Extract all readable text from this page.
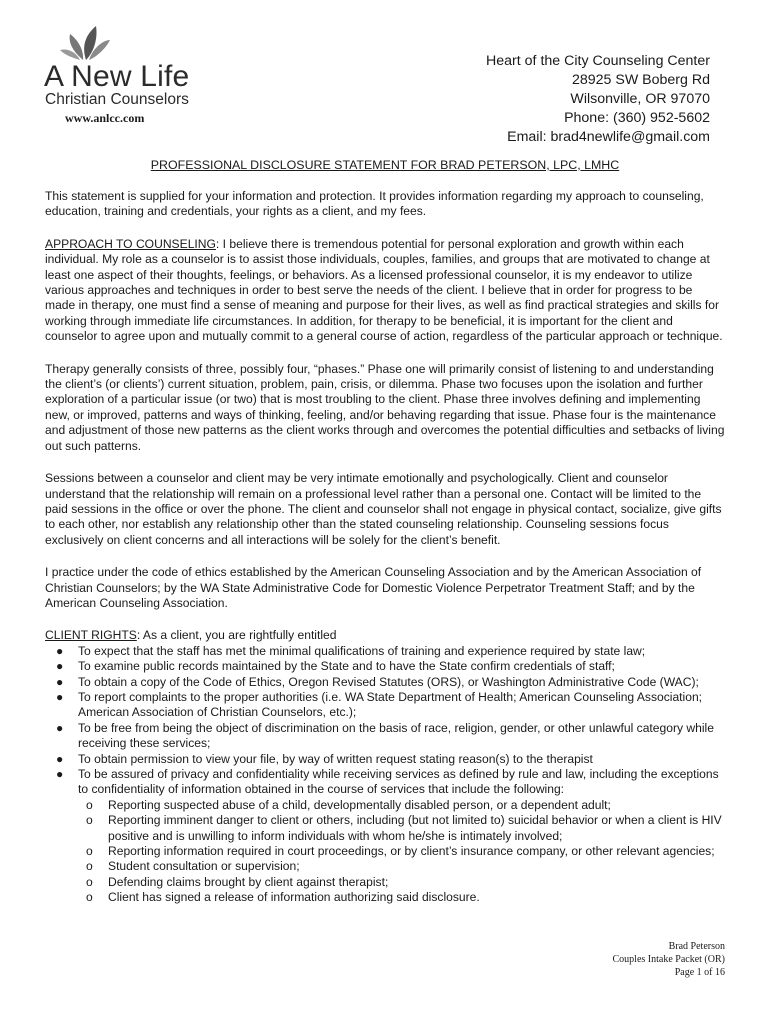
A New Life
Christian Counselors
www.anlcc.com
Heart of the City Counseling Center
28925 SW Boberg Rd
Wilsonville, OR 97070
Phone: (360) 952-5602
Email: brad4newlife@gmail.com
PROFESSIONAL DISCLOSURE STATEMENT FOR BRAD PETERSON, LPC, LMHC

This statement is supplied for your information and protection. It provides information regarding my approach to counseling, education, training and credentials, your rights as a client, and my fees.

APPROACH TO COUNSELING: I believe there is tremendous potential for personal exploration and growth within each individual. My role as a counselor is to assist those individuals, couples, families, and groups that are motivated to change at least one aspect of their thoughts, feelings, or behaviors. As a licensed professional counselor, it is my endeavor to utilize various approaches and techniques in order to best serve the needs of the client. I believe that in order for progress to be made in therapy, one must find a sense of meaning and purpose for their lives, as well as find practical strategies and skills for working through immediate life circumstances. In addition, for therapy to be beneficial, it is important for the client and counselor to agree upon and mutually commit to a general course of action, regardless of the particular approach or technique.

Therapy generally consists of three, possibly four, “phases.” Phase one will primarily consist of listening to and understanding the client’s (or clients’) current situation, problem, pain, crisis, or dilemma. Phase two focuses upon the isolation and further exploration of a particular issue (or two) that is most troubling to the client. Phase three involves defining and implementing new, or improved, patterns and ways of thinking, feeling, and/or behaving regarding that issue. Phase four is the maintenance and adjustment of those new patterns as the client works through and overcomes the potential difficulties and setbacks of living out such patterns.

Sessions between a counselor and client may be very intimate emotionally and psychologically. Client and counselor understand that the relationship will remain on a professional level rather than a personal one. Contact will be limited to the paid sessions in the office or over the phone. The client and counselor shall not engage in physical contact, socialize, give gifts to each other, nor establish any relationship other than the stated counseling relationship. Counseling sessions focus exclusively on client concerns and all interactions will be solely for the client’s benefit.

I practice under the code of ethics established by the American Counseling Association and by the American Association of Christian Counselors; by the WA State Administrative Code for Domestic Violence Perpetrator Treatment Staff; and by the American Counseling Association.

CLIENT RIGHTS: As a client, you are rightfully entitled
● To expect that the staff has met the minimal qualifications of training and experience required by state law;
● To examine public records maintained by the State and to have the State confirm credentials of staff;
● To obtain a copy of the Code of Ethics, Oregon Revised Statutes (ORS), or Washington Administrative Code (WAC);
● To report complaints to the proper authorities (i.e. WA State Department of Health; American Counseling Association; American Association of Christian Counselors, etc.);
● To be free from being the object of discrimination on the basis of race, religion, gender, or other unlawful category while receiving these services;
● To obtain permission to view your file, by way of written request stating reason(s) to the therapist
● To be assured of privacy and confidentiality while receiving services as defined by rule and law, including the exceptions to confidentiality of information obtained in the course of services that include the following:
o Reporting suspected abuse of a child, developmentally disabled person, or a dependent adult;
o Reporting imminent danger to client or others, including (but not limited to) suicidal behavior or when a client is HIV positive and is unwilling to inform individuals with whom he/she is intimately involved;
o Reporting information required in court proceedings, or by client’s insurance company, or other relevant agencies;
o Student consultation or supervision;
o Defending claims brought by client against therapist;
o Client has signed a release of information authorizing said disclosure.
Brad Peterson
Couples Intake Packet (OR)
Page 1 of 16
